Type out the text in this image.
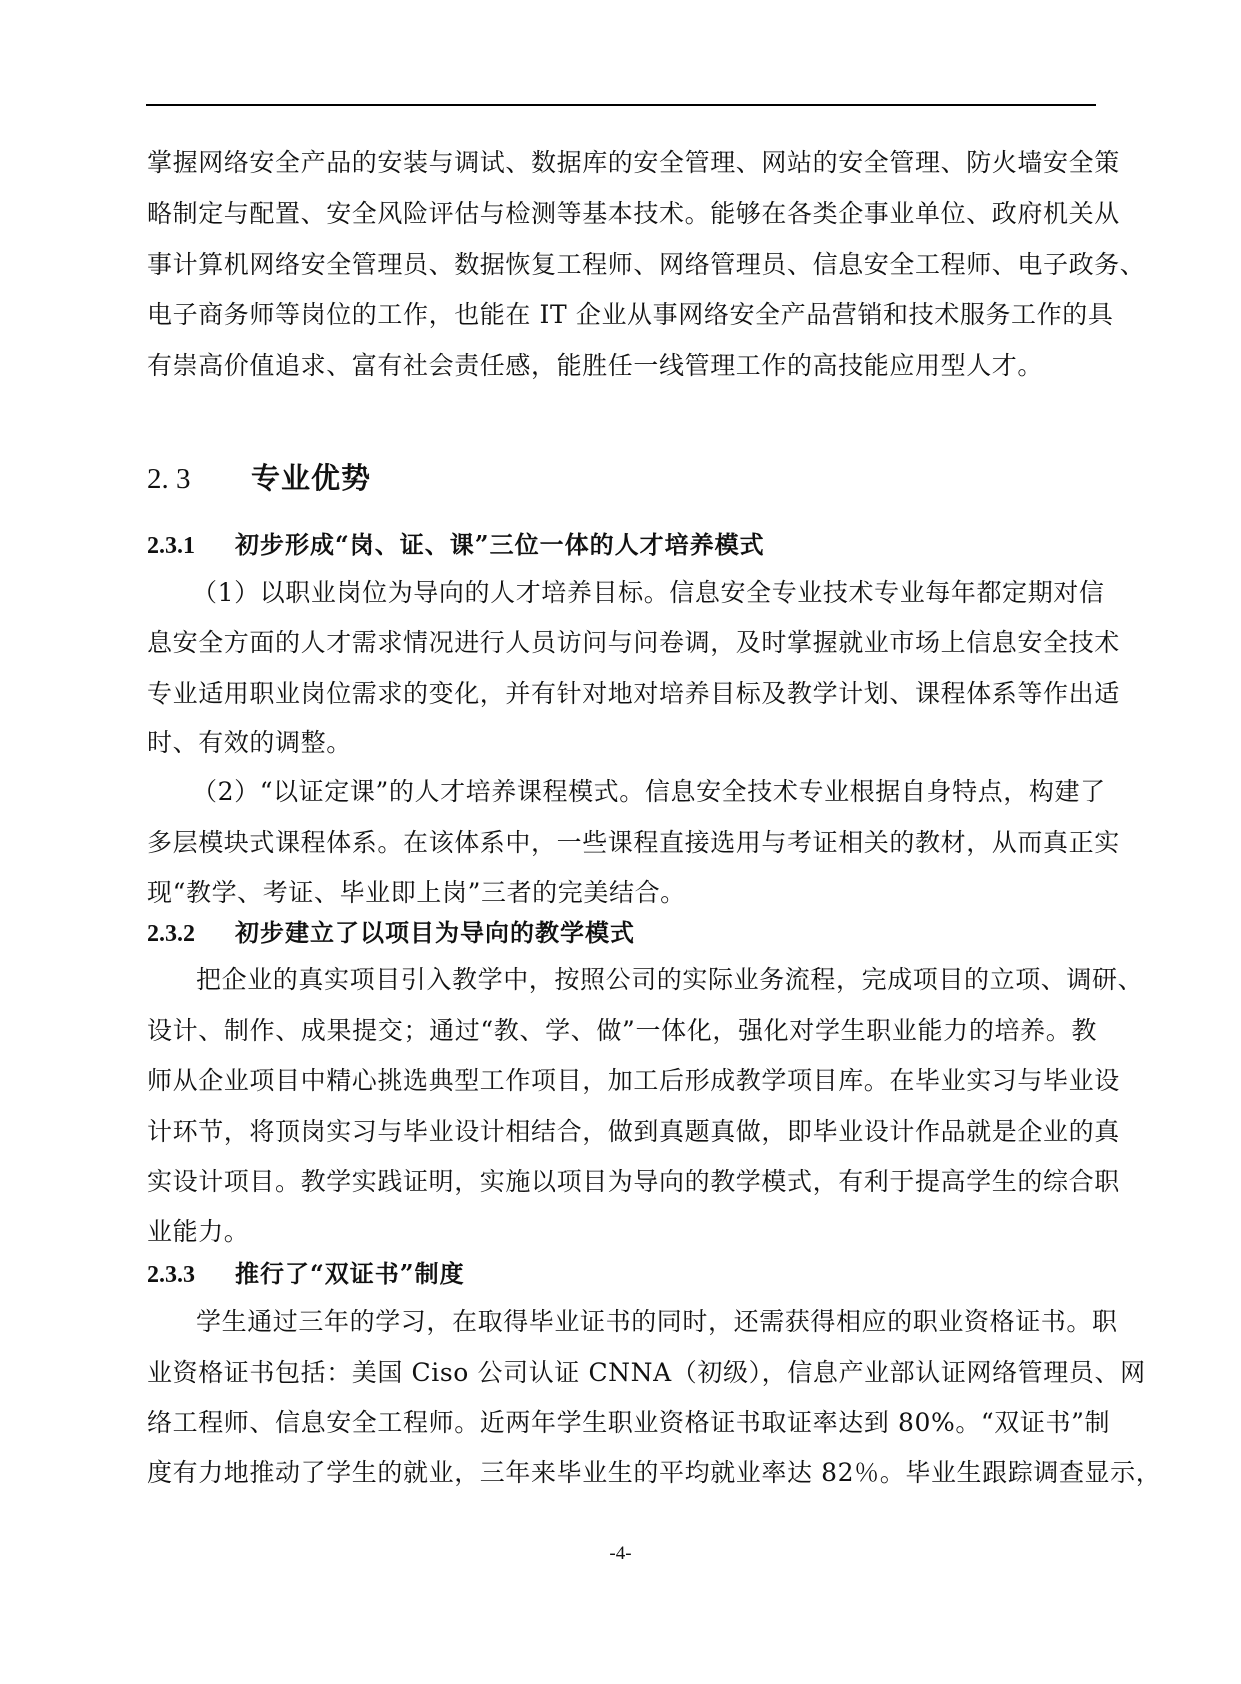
掌握网络安全产品的安装与调试、数据库的安全管理、网站的安全管理、防火墙安全策
略制定与配置、安全风险评估与检测等基本技术。能够在各类企事业单位、政府机关从
事计算机网络安全管理员、数据恢复工程师、网络管理员、信息安全工程师、电子政务、
电子商务师等岗位的工作，也能在 IT 企业从事网络安全产品营销和技术服务工作的具
有崇高价值追求、富有社会责任感，能胜任一线管理工作的高技能应用型人才。
2. 3 专业优势
2.3.1 初步形成“岗、证、课”三位一体的人才培养模式
（1）以职业岗位为导向的人才培养目标。信息安全专业技术专业每年都定期对信
息安全方面的人才需求情况进行人员访问与问卷调，及时掌握就业市场上信息安全技术
专业适用职业岗位需求的变化，并有针对地对培养目标及教学计划、课程体系等作出适
时、有效的调整。
（2）“以证定课”的人才培养课程模式。信息安全技术专业根据自身特点，构建了
多层模块式课程体系。在该体系中，一些课程直接选用与考证相关的教材，从而真正实
现“教学、考证、毕业即上岗”三者的完美结合。
2.3.2 初步建立了以项目为导向的教学模式
把企业的真实项目引入教学中，按照公司的实际业务流程，完成项目的立项、调研、
设计、制作、成果提交；通过“教、学、做”一体化，强化对学生职业能力的培养。教
师从企业项目中精心挑选典型工作项目，加工后形成教学项目库。在毕业实习与毕业设
计环节，将顶岗实习与毕业设计相结合，做到真题真做，即毕业设计作品就是企业的真
实设计项目。教学实践证明，实施以项目为导向的教学模式，有利于提高学生的综合职
业能力。
2.3.3 推行了“双证书”制度
学生通过三年的学习，在取得毕业证书的同时，还需获得相应的职业资格证书。职
业资格证书包括：美国 Ciso 公司认证 CNNA（初级），信息产业部认证网络管理员、网
络工程师、信息安全工程师。近两年学生职业资格证书取证率达到 80%。“双证书”制
度有力地推动了学生的就业，三年来毕业生的平均就业率达 82％。毕业生跟踪调查显示，
-4-
